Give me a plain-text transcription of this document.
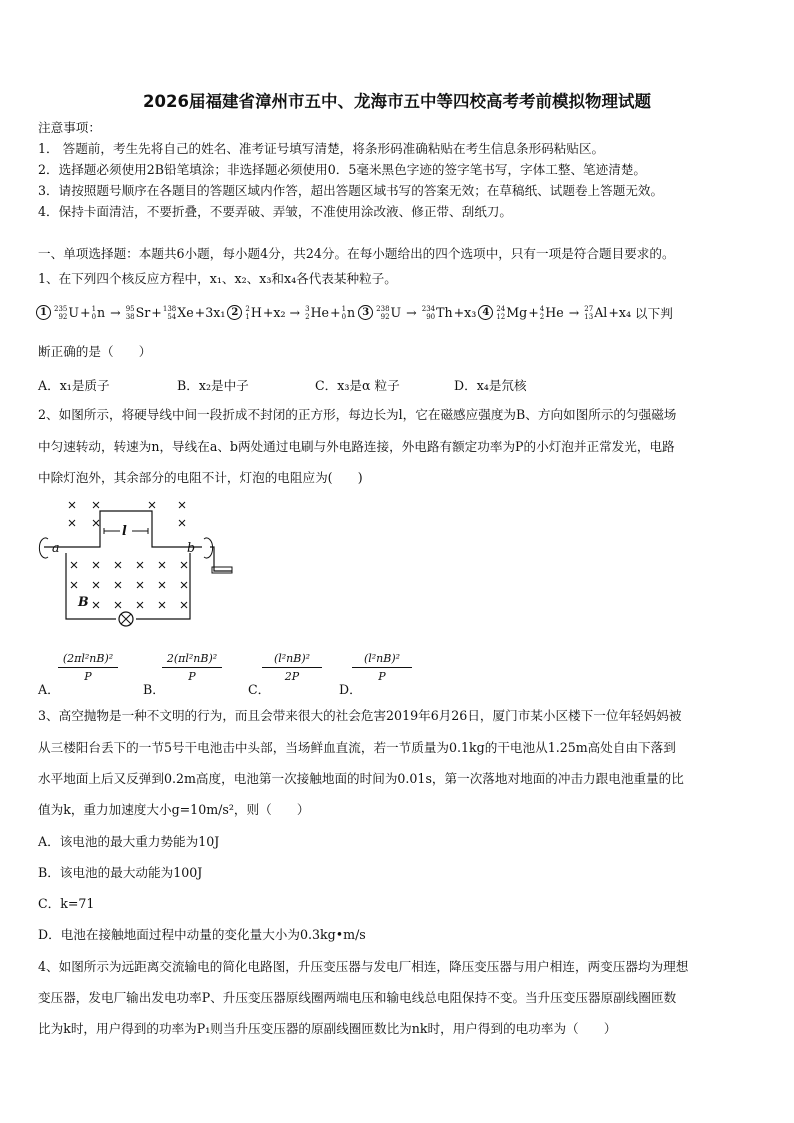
2026届福建省漳州市五中、龙海市五中等四校高考考前模拟物理试题
注意事项：
1． 答题前，考生先将自己的姓名、准考证号填写清楚，将条形码准确粘贴在考生信息条形码粘贴区。
2．选择题必须使用2B铅笔填涂；非选择题必须使用0．5毫米黑色字迹的签字笔书写，字体工整、笔迹清楚。
3．请按照题号顺序在各题目的答题区域内作答，超出答题区域书写的答案无效；在草稿纸、试题卷上答题无效。
4．保持卡面清洁，不要折叠，不要弄破、弄皱，不准使用涂改液、修正带、刮纸刀。
一、单项选择题：本题共6小题，每小题4分，共24分。在每小题给出的四个选项中，只有一项是符合题目要求的。
1、在下列四个核反应方程中，x₁、x₂、x₃和x₄各代表某种粒子。
1	235
92 U + 1
0 n → 95
38 Sr + 138
54 Xe +3x₁ 2	2
1 H +x₂ → 3
2 He + 1
0 n 3	238
92 U → 234
90 Th +x₃ 4	24
12 Mg + 4
2 He → 27
13 Al +x₄ 以下判
断正确的是（　　）
A．x₁是质子	B．x₂是中子	C．x₃是α 粒子	D．x₄是氘核
2、如图所示，将硬导线中间一段折成不封闭的正方形，每边长为l，它在磁感应强度为B、方向如图所示的匀强磁场
中匀速转动，转速为n，导线在a、b两处通过电刷与外电路连接，外电路有额定功率为P的小灯泡并正常发光，电路
中除灯泡外，其余部分的电阻不计，灯泡的电阻应为(　　)
a	b
l
B
A．
$\frac{\text{(2πl²nB)²}}{P}$
B．
$\frac{\text{2(πl²nB)²}}{P}$
C．
$\frac{\text{(l²nB)²}}{2P}$
D．
$\frac{\text{(l²nB)²}}{P}$
3、高空抛物是一种不文明的行为，而且会带来很大的社会危害2019年6月26日，厦门市某小区楼下一位年轻妈妈被
从三楼阳台丢下的一节5号干电池击中头部，当场鲜血直流，若一节质量为0.1kg的干电池从1.25m高处自由下落到
水平地面上后又反弹到0.2m高度，电池第一次接触地面的时间为0.01s，第一次落地对地面的冲击力跟电池重量的比
值为k，重力加速度大小g=10m/s²，则（　　）
A．该电池的最大重力势能为10J
B．该电池的最大动能为100J
C．k=71
D．电池在接触地面过程中动量的变化量大小为0.3kg•m/s
4、如图所示为远距离交流输电的简化电路图，升压变压器与发电厂相连，降压变压器与用户相连，两变压器均为理想
变压器，发电厂输出发电功率P、升压变压器原线圈两端电压和输电线总电阻保持不变。当升压变压器原副线圈匝数
比为k时，用户得到的功率为P₁则当升压变压器的原副线圈匝数比为nk时，用户得到的电功率为（　　）
